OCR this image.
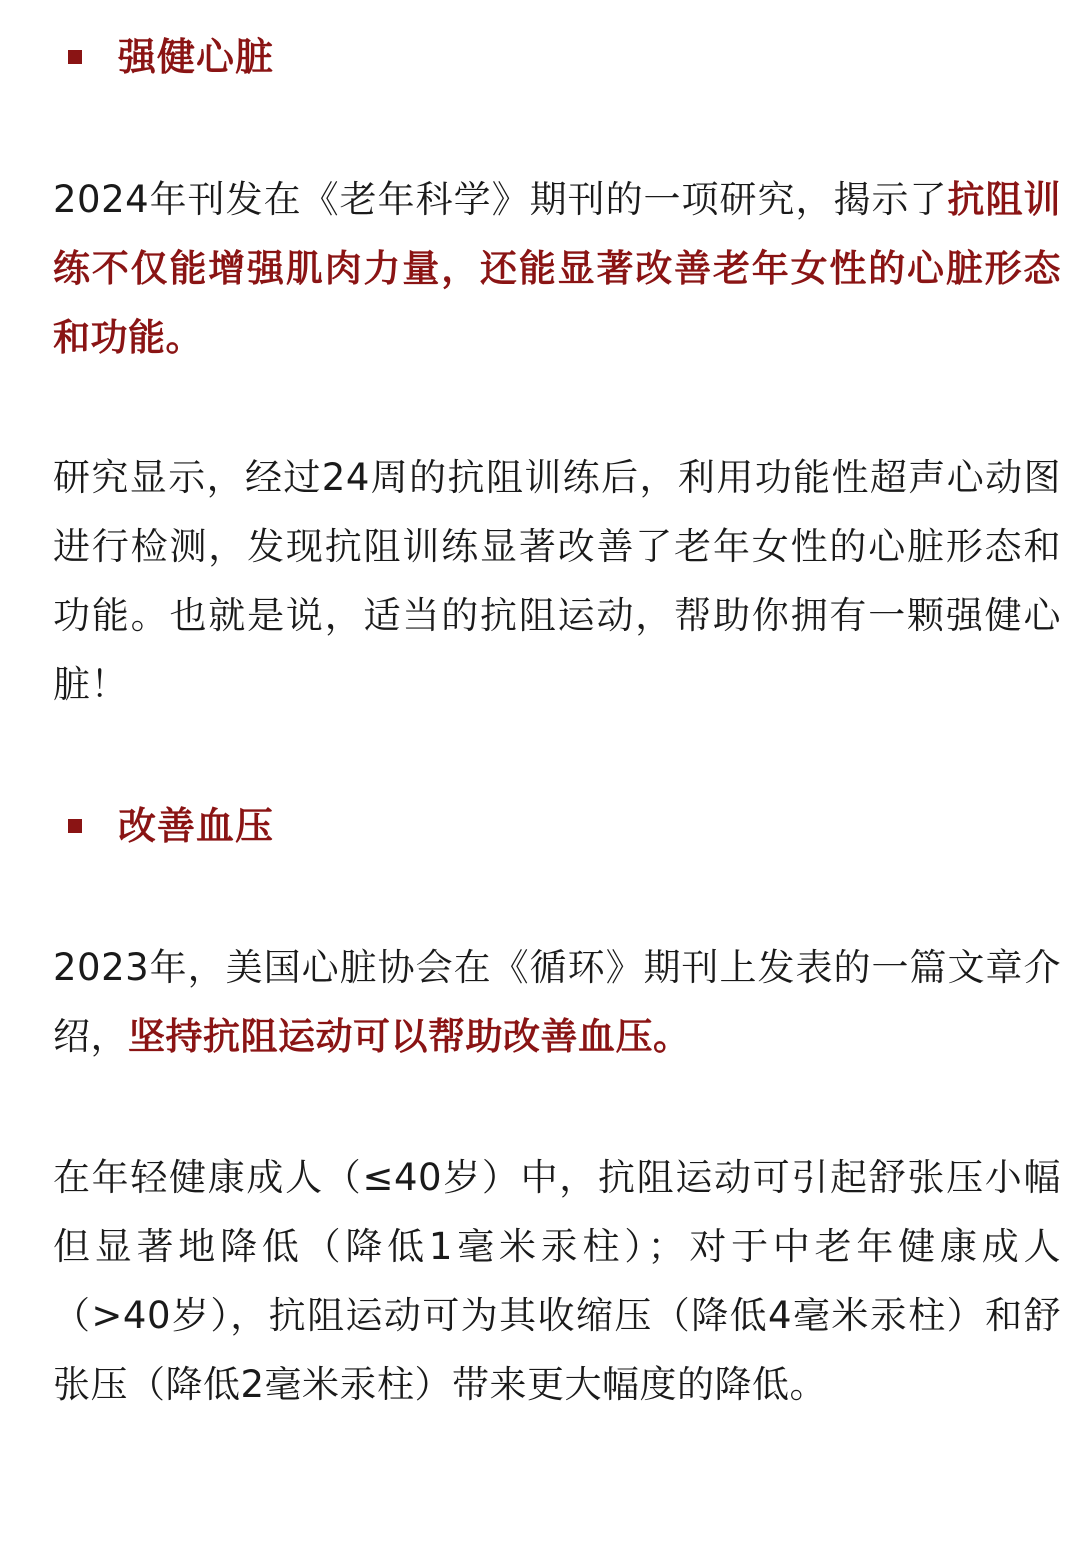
强健心脏

2024年刊发在《老年科学》期刊的一项研究，揭示了抗阻训练不仅能增强肌肉力量，还能显著改善老年女性的心脏形态和功能。

研究显示，经过24周的抗阻训练后，利用功能性超声心动图进行检测，发现抗阻训练显著改善了老年女性的心脏形态和功能。也就是说，适当的抗阻运动，帮助你拥有一颗强健心脏！

改善血压

2023年，美国心脏协会在《循环》期刊上发表的一篇文章介绍，坚持抗阻运动可以帮助改善血压。

在年轻健康成人（≤40岁）中，抗阻运动可引起舒张压小幅但显著地降低（降低1毫米汞柱）；对于中老年健康成人（>40岁），抗阻运动可为其收缩压（降低4毫米汞柱）和舒张压（降低2毫米汞柱）带来更大幅度的降低。
